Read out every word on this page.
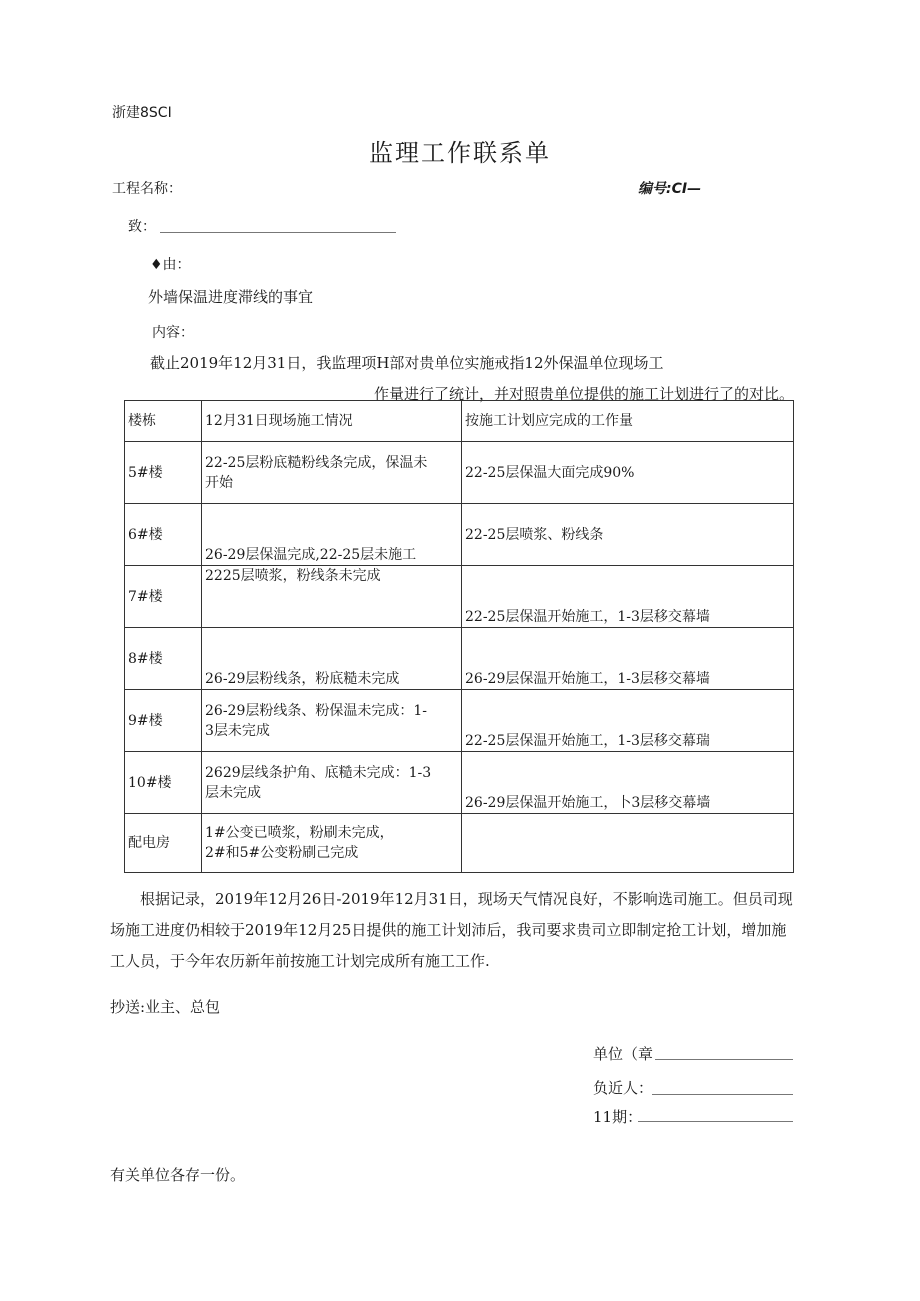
浙建8SCI
监理工作联系单
工程名称：	编号:CI—
致：
♦由：
外墙保温进度滞线的事宜
内容：
截止2019年12月31日，我监理项H部对贵单位实施戒指12外保温单位现场工
作量进行了统计，并对照贵单位提供的施工计划进行了的对比。
楼栋	12月31日现场施工情况	按施工计划应完成的工作量
5#楼	22-25层粉底糙粉线条完成，保温未
开始	22-25层保温大面完成90%
6#楼	26-29层保温完成,22-25层未施工	22-25层喷浆、粉线条
7#楼	2225层喷浆，粉线条未完成	22-25层保温开始施工，1-3层移交幕墙
8#楼	26-29层粉线条，粉底糙未完成	26-29层保温开始施工，1-3层移交幕墙
9#楼	26-29层粉线条、粉保温未完成：1-
3层未完成	22-25层保温开始施工，1-3层移交幕瑞
10#楼	2629层线条护角、底糙未完成：1-3
层未完成	26-29层保温开始施工，卜3层移交幕墙
配电房	1#公变已喷浆，粉刷未完成，
2#和5#公变粉刷己完成	

根据记录，2019年12月26日-2019年12月31日，现场天气情况良好，不影响选司施工。但员司现场施工进度仍相较于2019年12月25日提供的施工计划沛后，我司要求贵司立即制定抢工计划，增加施工人员，于今年农历新年前按施工计划完成所有施工工作.
抄送:业主、总包
单位（章
负近人：
11期：
有关单位各存一份。
